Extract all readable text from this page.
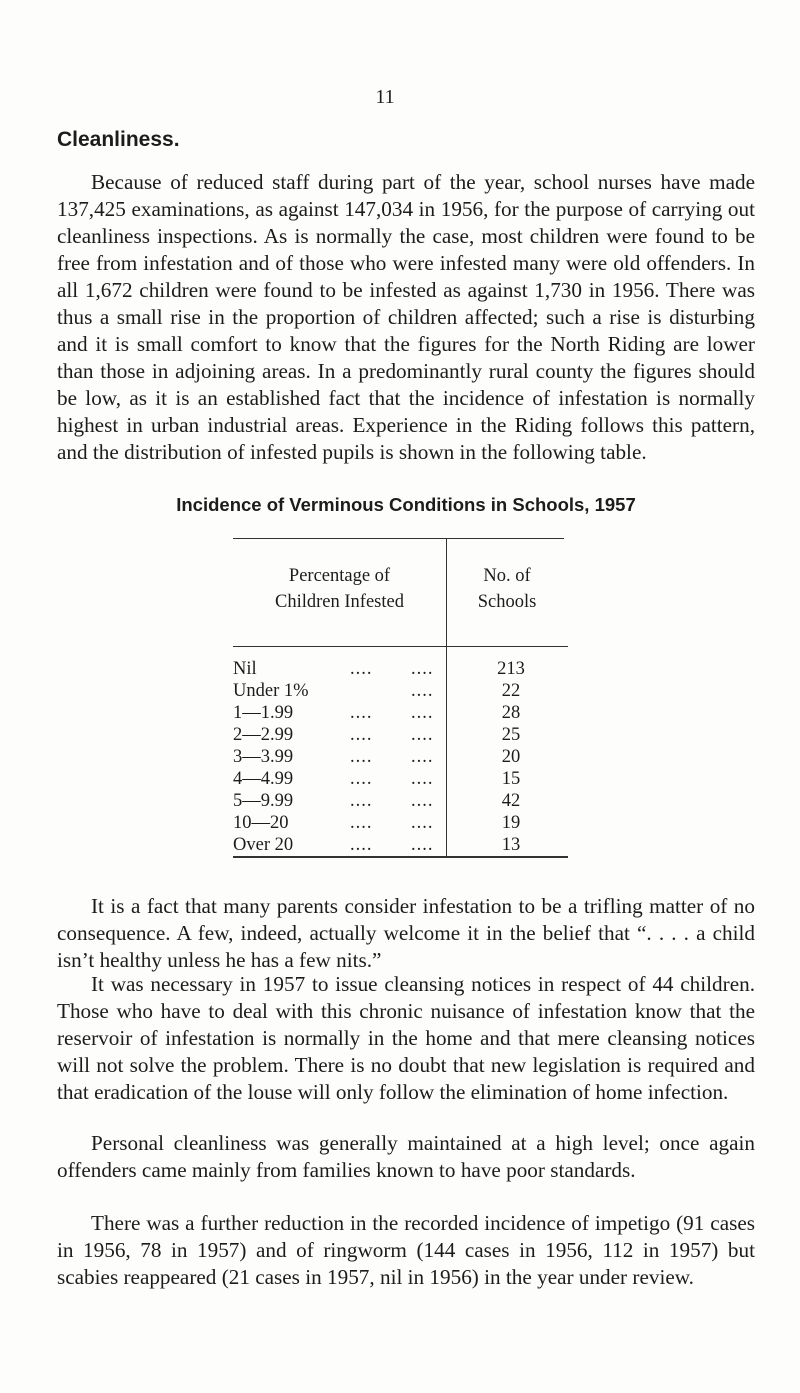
11
Cleanliness.

Because of reduced staff during part of the year, school nurses have made 137,425 examinations, as against 147,034 in 1956, for the purpose of carrying out cleanliness inspections. As is normally the case, most children were found to be free from infestation and of those who were infested many were old offenders. In all 1,672 children were found to be infested as against 1,730 in 1956. There was thus a small rise in the proportion of children affected; such a rise is disturbing and it is small comfort to know that the figures for the North Riding are lower than those in adjoining areas. In a predominantly rural county the figures should be low, as it is an established fact that the incidence of infestation is normally highest in urban industrial areas. Experience in the Riding follows this pattern, and the distribution of infested pupils is shown in the following table.

Incidence of Verminous Conditions in Schools, 1957
Percentage of
Children Infested
No. of
Schools
Nil	.... ....	213
Under 1%	....	22
1—1.99	.... ....	28
2—2.99	.... ....	25
3—3.99	.... ....	20
4—4.99	.... ....	15
5—9.99	.... ....	42
10—20	.... ....	19
Over 20	.... ....	13

It is a fact that many parents consider infestation to be a trifling matter of no consequence. A few, indeed, actually welcome it in the belief that “. . . . a child isn’t healthy unless he has a few nits.”

It was necessary in 1957 to issue cleansing notices in respect of 44 children. Those who have to deal with this chronic nuisance of infestation know that the reservoir of infestation is normally in the home and that mere cleansing notices will not solve the problem. There is no doubt that new legislation is required and that eradication of the louse will only follow the elimination of home infection.

Personal cleanliness was generally maintained at a high level; once again offenders came mainly from families known to have poor standards.

There was a further reduction in the recorded incidence of impetigo (91 cases in 1956, 78 in 1957) and of ringworm (144 cases in 1956, 112 in 1957) but scabies reappeared (21 cases in 1957, nil in 1956) in the year under review.
